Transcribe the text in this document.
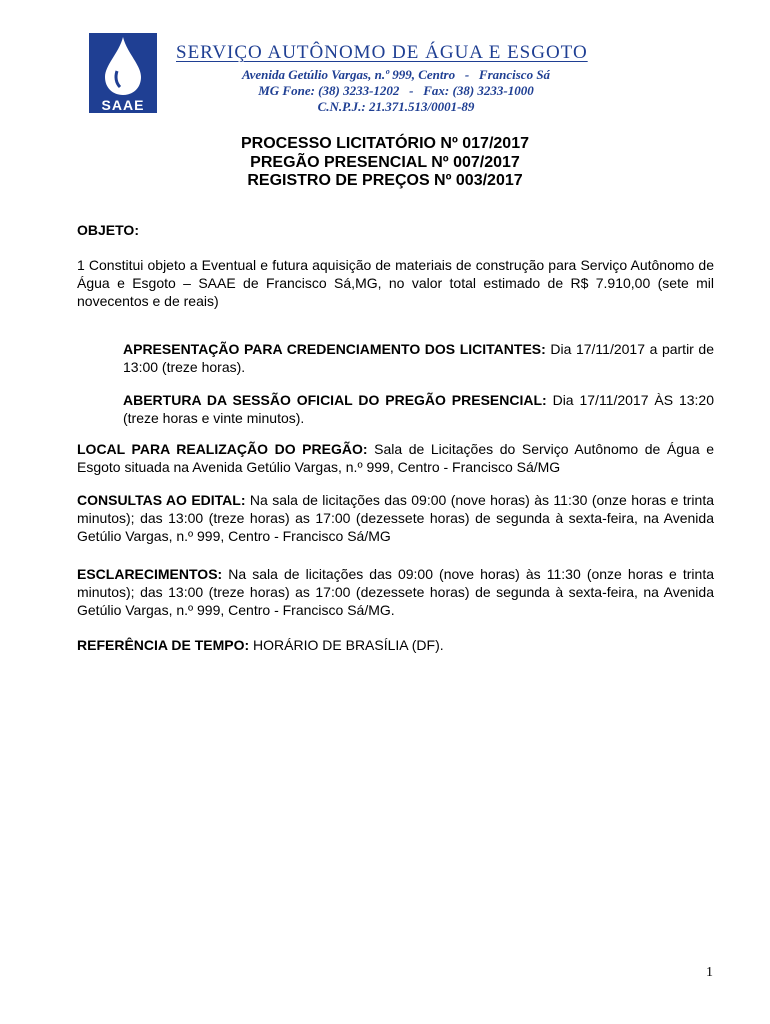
SAAE
SERVIÇO AUTÔNOMO DE ÁGUA E ESGOTO
Avenida Getúlio Vargas, n.º 999, Centro   -   Francisco Sá
MG Fone: (38) 3233-1202   -   Fax: (38) 3233-1000
C.N.P.J.: 21.371.513/0001-89
PROCESSO LICITATÓRIO Nº 017/2017
PREGÃO PRESENCIAL Nº 007/2017
REGISTRO DE PREÇOS Nº 003/2017
OBJETO:
1 Constitui objeto a Eventual e futura aquisição de materiais de construção para Serviço Autônomo de Água e Esgoto – SAAE de Francisco Sá,MG, no valor total estimado de R$ 7.910,00 (sete mil novecentos e de reais)
APRESENTAÇÃO PARA CREDENCIAMENTO DOS LICITANTES: Dia 17/11/2017 a partir de 13:00 (treze horas).
ABERTURA DA SESSÃO OFICIAL DO PREGÃO PRESENCIAL: Dia 17/11/2017 ÀS 13:20 (treze horas e vinte minutos).
LOCAL PARA REALIZAÇÃO DO PREGÃO: Sala de Licitações do Serviço Autônomo de Água e Esgoto situada na Avenida Getúlio Vargas, n.º 999, Centro - Francisco Sá/MG
CONSULTAS AO EDITAL: Na sala de licitações das 09:00 (nove horas) às 11:30 (onze horas e trinta minutos); das 13:00 (treze horas) as 17:00 (dezessete horas) de segunda à sexta-feira, na Avenida Getúlio Vargas, n.º 999, Centro - Francisco Sá/MG
ESCLARECIMENTOS: Na sala de licitações das 09:00 (nove horas) às 11:30 (onze horas e trinta minutos); das 13:00 (treze horas) as 17:00 (dezessete horas) de segunda à sexta-feira, na Avenida Getúlio Vargas, n.º 999, Centro - Francisco Sá/MG.
REFERÊNCIA DE TEMPO: HORÁRIO DE BRASÍLIA (DF).
1
